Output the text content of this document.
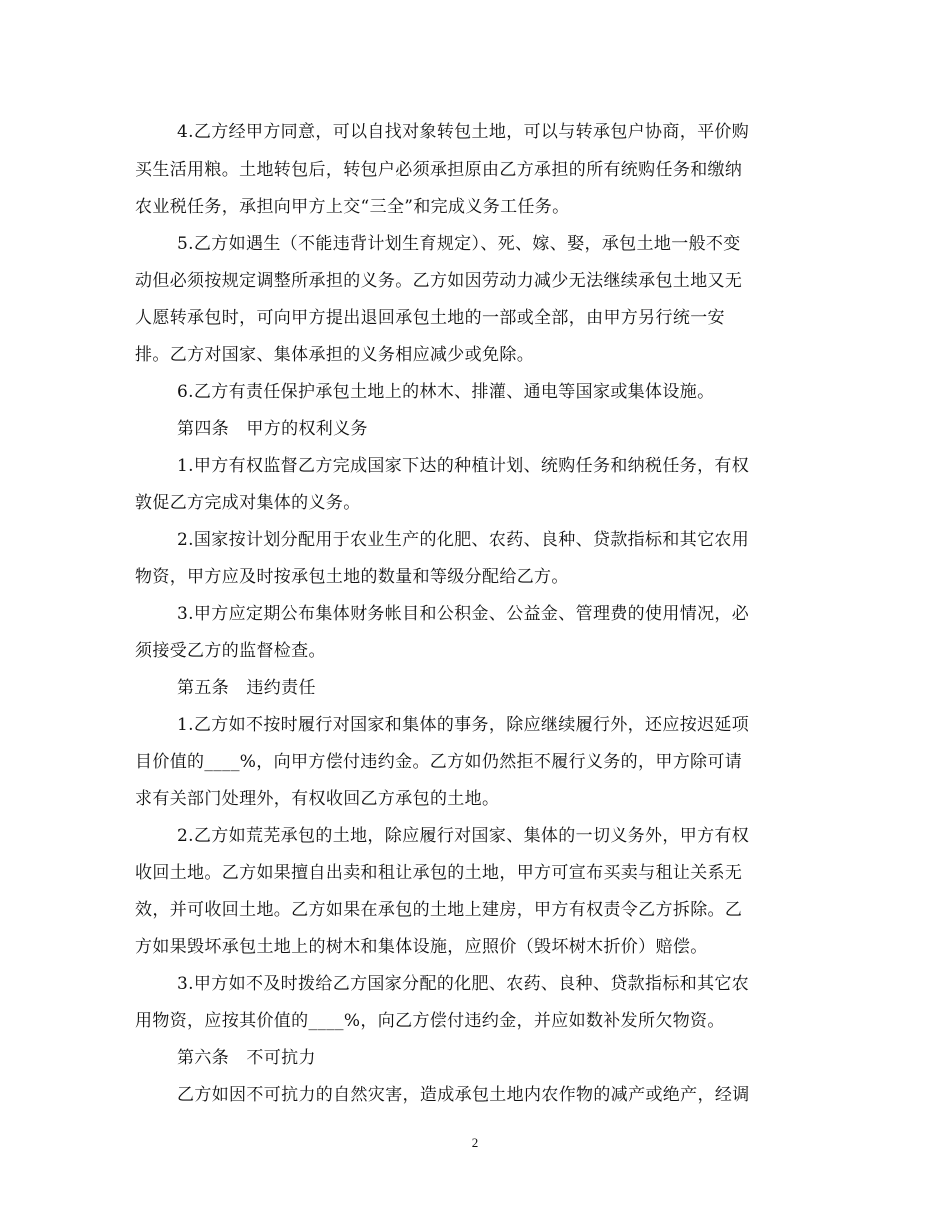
4.乙方经甲方同意，可以自找对象转包土地，可以与转承包户协商，平价购
买生活用粮。土地转包后，转包户必须承担原由乙方承担的所有统购任务和缴纳
农业税任务，承担向甲方上交“三全”和完成义务工任务。
5.乙方如遇生（不能违背计划生育规定）、死、嫁、娶，承包土地一般不变
动但必须按规定调整所承担的义务。乙方如因劳动力减少无法继续承包土地又无
人愿转承包时，可向甲方提出退回承包土地的一部或全部，由甲方另行统一安
排。乙方对国家、集体承担的义务相应减少或免除。
6.乙方有责任保护承包土地上的林木、排灌、通电等国家或集体设施。
第四条　甲方的权利义务
1.甲方有权监督乙方完成国家下达的种植计划、统购任务和纳税任务，有权
敦促乙方完成对集体的义务。
2.国家按计划分配用于农业生产的化肥、农药、良种、贷款指标和其它农用
物资，甲方应及时按承包土地的数量和等级分配给乙方。
3.甲方应定期公布集体财务帐目和公积金、公益金、管理费的使用情况，必
须接受乙方的监督检查。
第五条　违约责任
1.乙方如不按时履行对国家和集体的事务，除应继续履行外，还应按迟延项
目价值的____%，向甲方偿付违约金。乙方如仍然拒不履行义务的，甲方除可请
求有关部门处理外，有权收回乙方承包的土地。
2.乙方如荒芜承包的土地，除应履行对国家、集体的一切义务外，甲方有权
收回土地。乙方如果擅自出卖和租让承包的土地，甲方可宣布买卖与租让关系无
效，并可收回土地。乙方如果在承包的土地上建房，甲方有权责令乙方拆除。乙
方如果毁坏承包土地上的树木和集体设施，应照价（毁坏树木折价）赔偿。
3.甲方如不及时拨给乙方国家分配的化肥、农药、良种、贷款指标和其它农
用物资，应按其价值的____%，向乙方偿付违约金，并应如数补发所欠物资。
第六条　不可抗力
乙方如因不可抗力的自然灾害，造成承包土地内农作物的减产或绝产，经调
2
